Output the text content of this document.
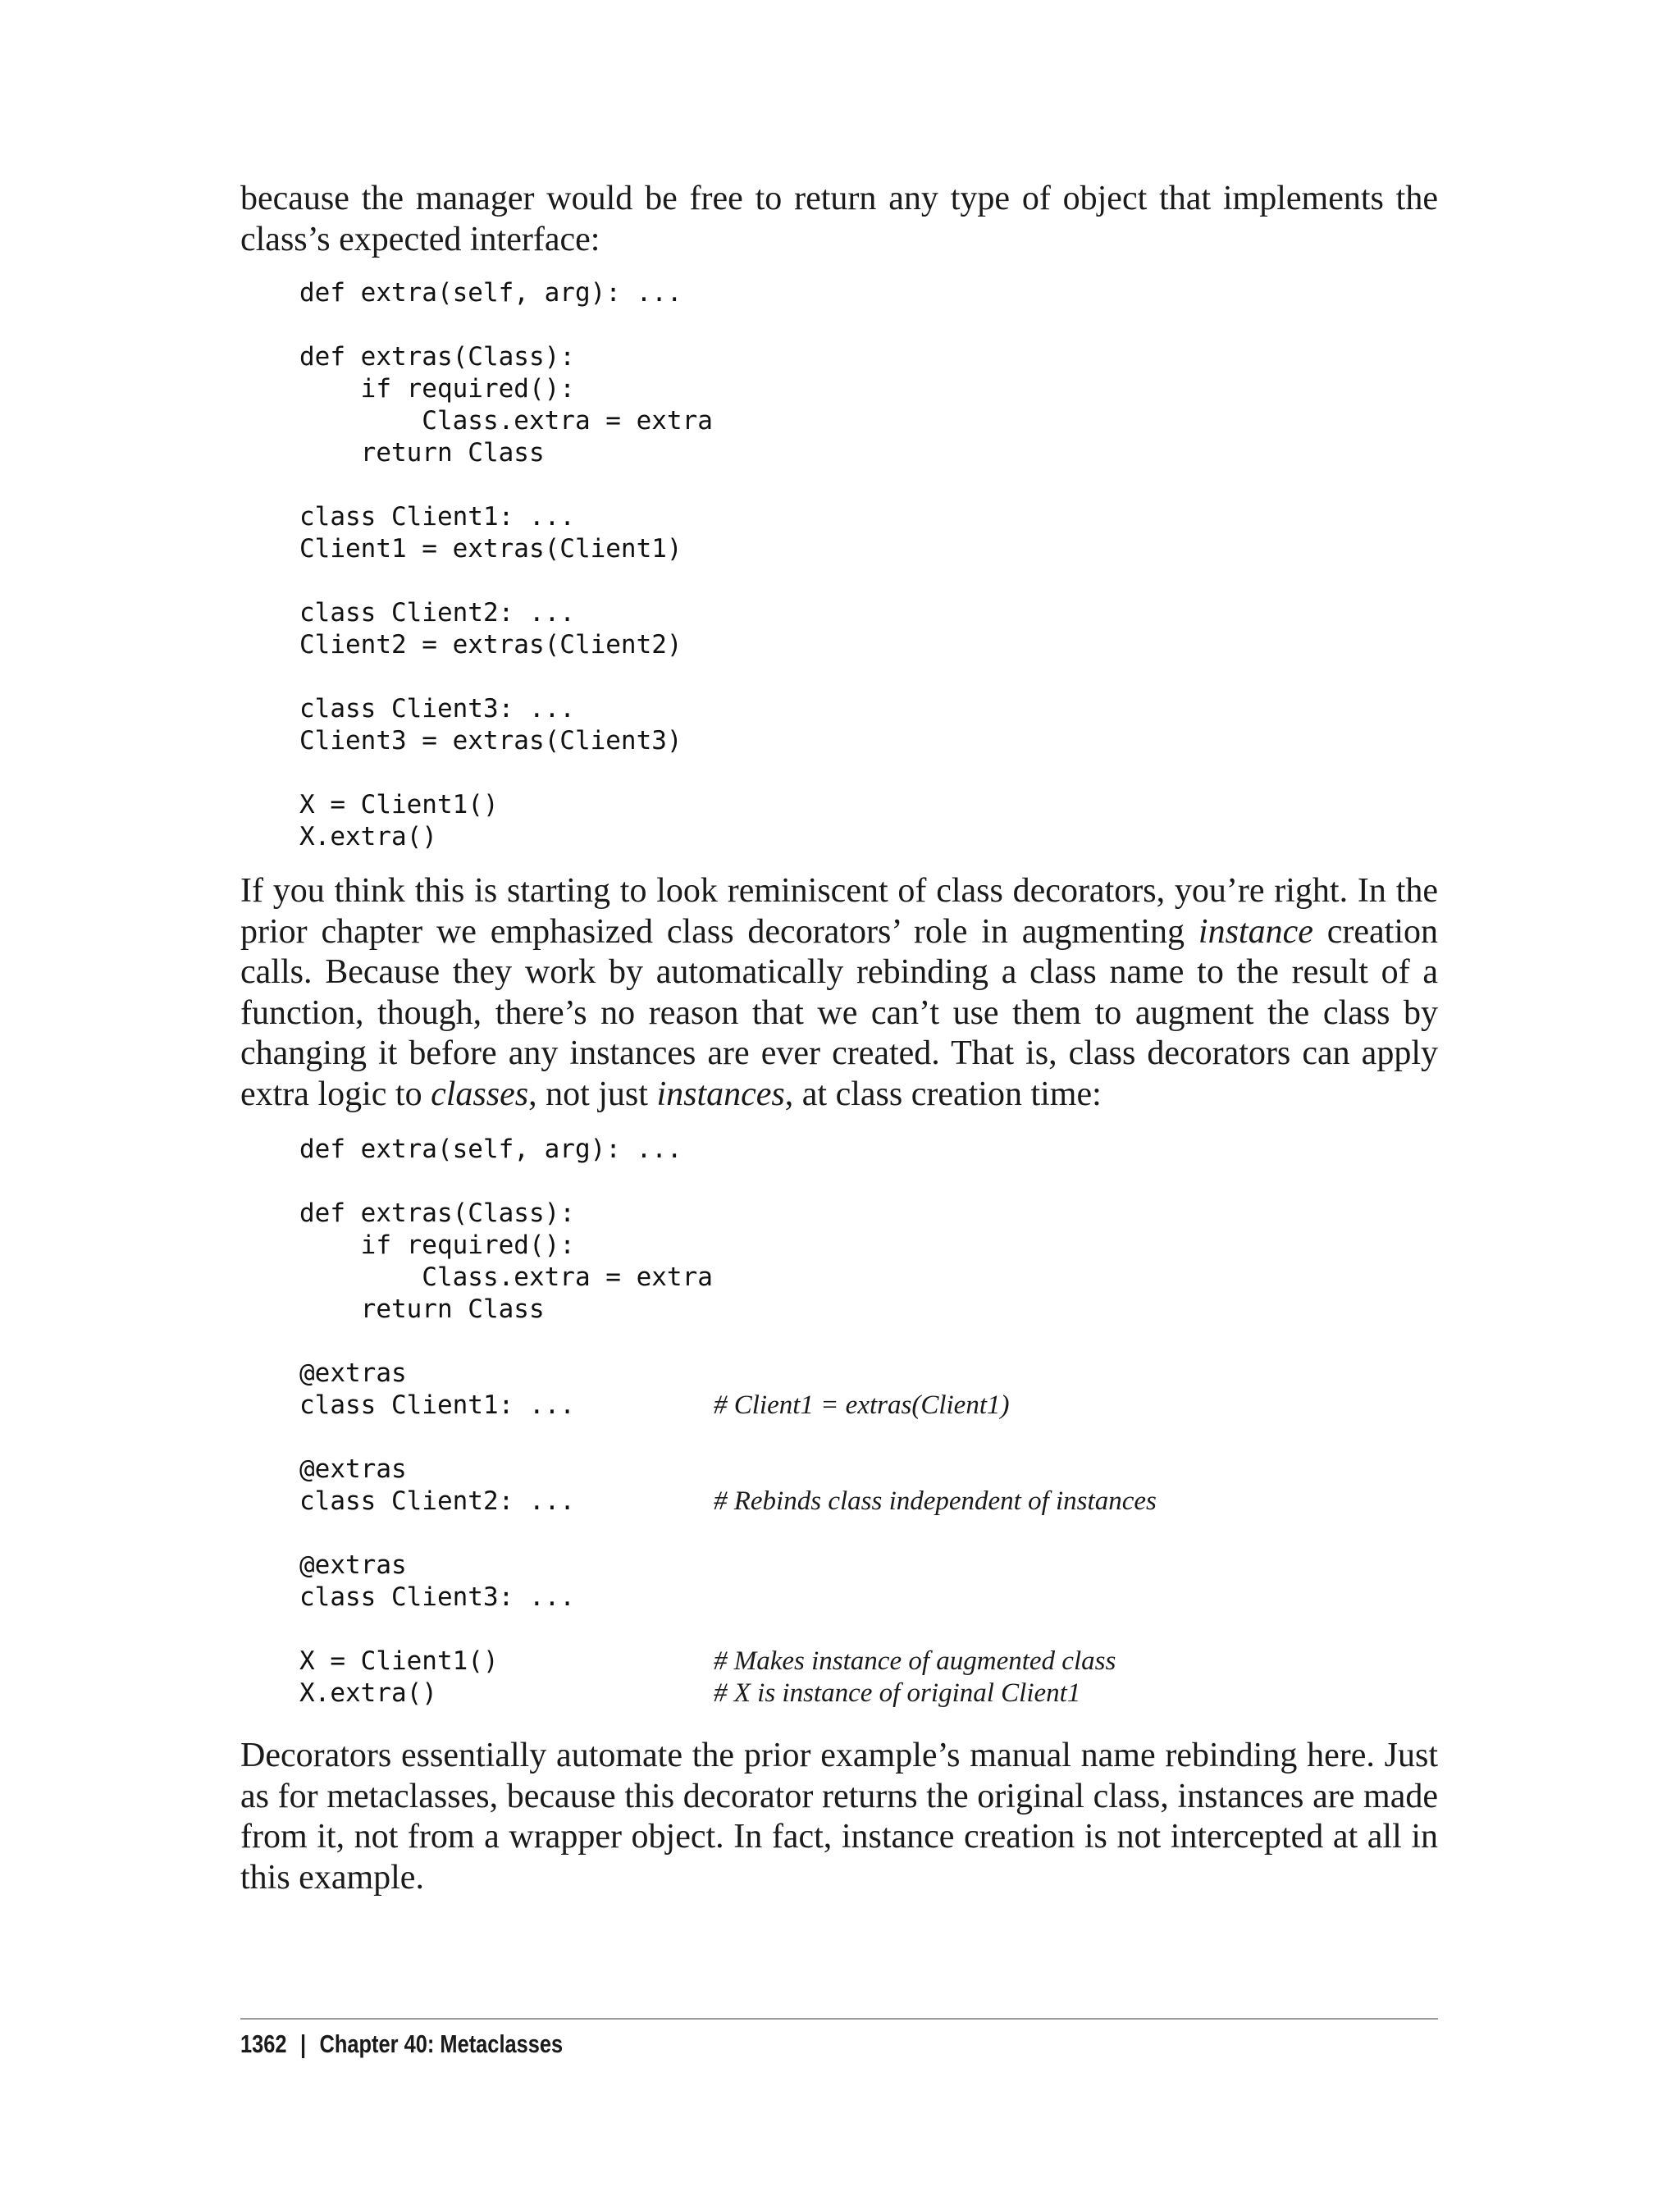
because the manager would be free to return any type of object that implements the class’s expected interface:

def extra(self, arg): ...
def extras(Class):
if required():
Class.extra = extra
return Class
class Client1: ...
Client1 = extras(Client1)
class Client2: ...
Client2 = extras(Client2)
class Client3: ...
Client3 = extras(Client3)
X = Client1()
X.extra()

If you think this is starting to look reminiscent of class decorators, you’re right. In the prior chapter we emphasized class decorators’ role in augmenting instance creation calls. Because they work by automatically rebinding a class name to the result of a function, though, there’s no reason that we can’t use them to augment the class by changing it before any instances are ever created. That is, class decorators can apply extra logic to classes, not just instances, at class creation time:

def extra(self, arg): ...
def extras(Class):
if required():
Class.extra = extra
return Class
@extras
class Client1: ...	# Client1 = extras(Client1)
@extras
class Client2: ...	# Rebinds class independent of instances
@extras
class Client3: ...
X = Client1()	# Makes instance of augmented class
X.extra()	# X is instance of original Client1

Decorators essentially automate the prior example’s manual name rebinding here. Just as for metaclasses, because this decorator returns the original class, instances are made from it, not from a wrapper object. In fact, instance creation is not intercepted at all in this example.

1362 | Chapter 40: Metaclasses
